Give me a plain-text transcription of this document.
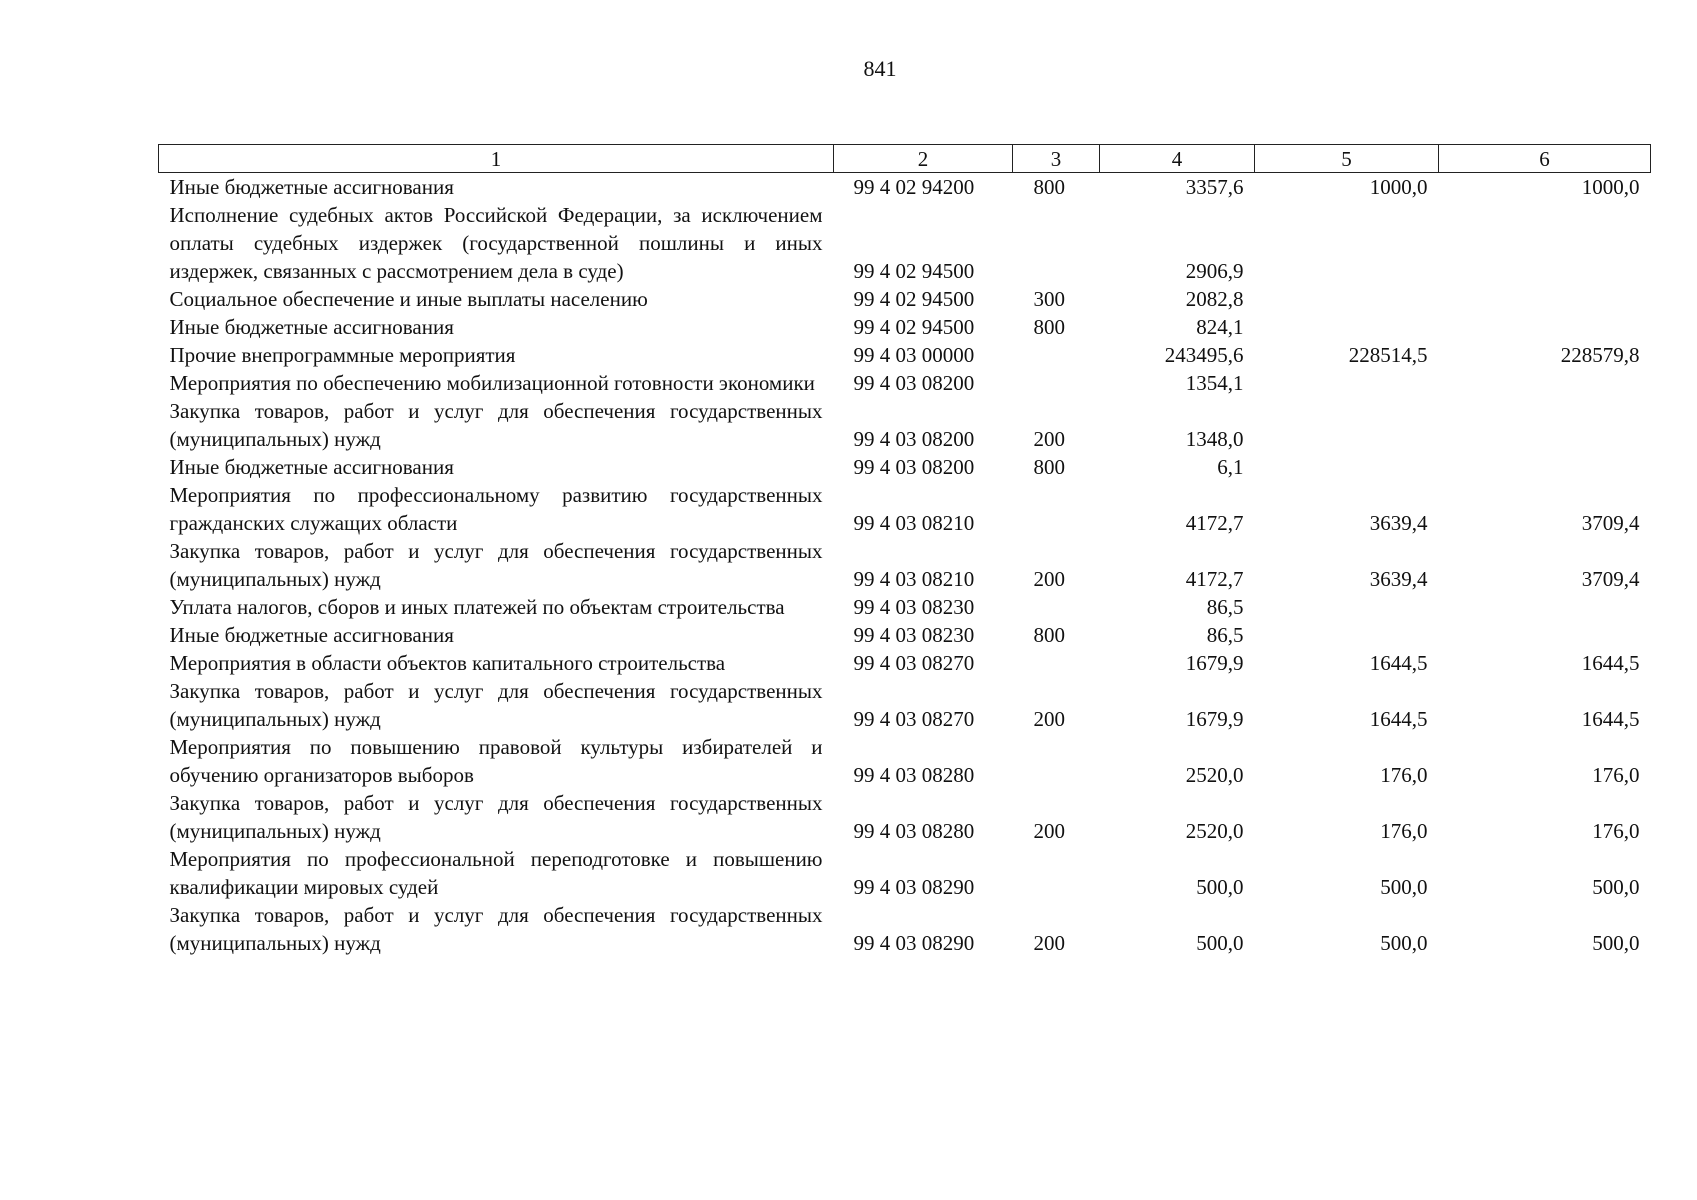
841
1	2	3	4	5	6
Иные бюджетные ассигнования	99 4 02 94200	800	3357,6	1000,0	1000,0
Исполнение судебных актов Российской Федерации, за исключением оплаты судебных издержек (государственной пошлины и иных издержек, связанных с рассмотрением дела в суде)	99 4 02 94500		2906,9		
Социальное обеспечение и иные выплаты населению	99 4 02 94500	300	2082,8		
Иные бюджетные ассигнования	99 4 02 94500	800	824,1		
Прочие внепрограммные мероприятия	99 4 03 00000		243495,6	228514,5	228579,8
Мероприятия по обеспечению мобилизационной готовности экономики	99 4 03 08200		1354,1		
Закупка товаров, работ и услуг для обеспечения государственных (муниципальных) нужд	99 4 03 08200	200	1348,0		
Иные бюджетные ассигнования	99 4 03 08200	800	6,1		
Мероприятия по профессиональному развитию государственных гражданских служащих области	99 4 03 08210		4172,7	3639,4	3709,4
Закупка товаров, работ и услуг для обеспечения государственных (муниципальных) нужд	99 4 03 08210	200	4172,7	3639,4	3709,4
Уплата налогов, сборов и иных платежей по объектам строительства	99 4 03 08230		86,5		
Иные бюджетные ассигнования	99 4 03 08230	800	86,5		
Мероприятия в области объектов капитального строительства	99 4 03 08270		1679,9	1644,5	1644,5
Закупка товаров, работ и услуг для обеспечения государственных (муниципальных) нужд	99 4 03 08270	200	1679,9	1644,5	1644,5
Мероприятия по повышению правовой культуры избирателей и обучению организаторов выборов	99 4 03 08280		2520,0	176,0	176,0
Закупка товаров, работ и услуг для обеспечения государственных (муниципальных) нужд	99 4 03 08280	200	2520,0	176,0	176,0
Мероприятия по профессиональной переподготовке и повышению квалификации мировых судей	99 4 03 08290		500,0	500,0	500,0
Закупка товаров, работ и услуг для обеспечения государственных (муниципальных) нужд	99 4 03 08290	200	500,0	500,0	500,0
